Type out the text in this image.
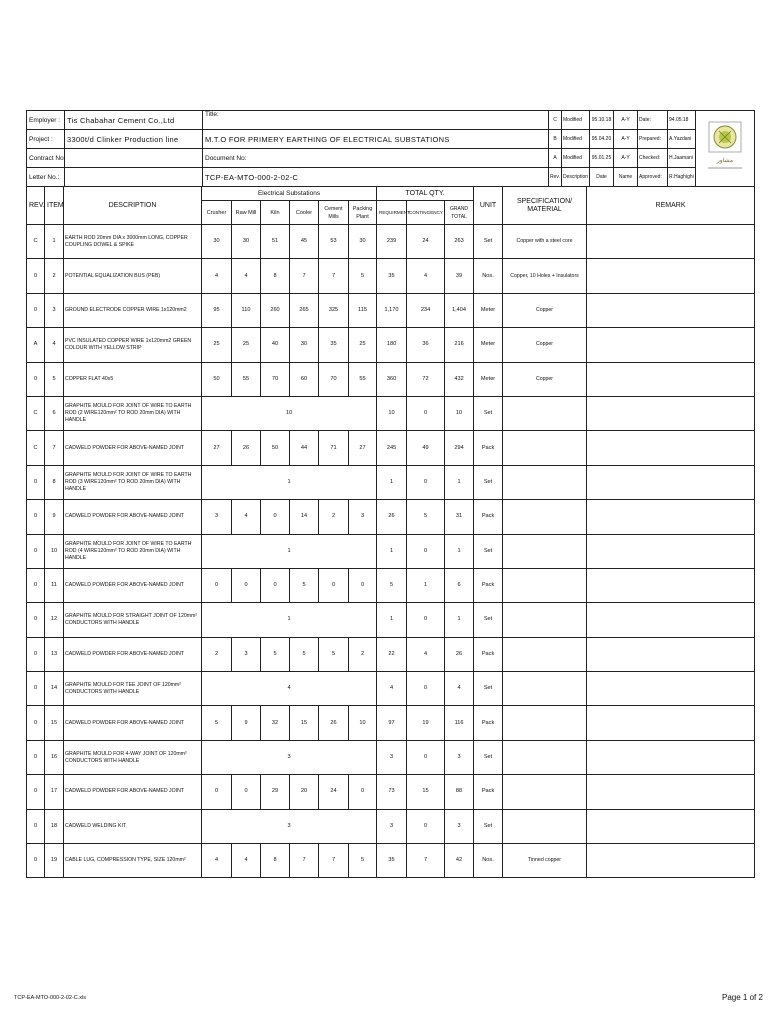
Employer :	Tis Chabahar Cement Co.,Ltd	Title:	C	Modified	95.10.18	A-Y	Date:	94.05.18	ﻣﺸﺎﻭﺭ

Project :	3300t/d Clinker Production line	M.T.O FOR PRIMERY EARTHING OF ELECTRICAL SUBSTATIONS	B	Modified	95.04.20	A-Y	Prepared:	A.Yazdani	
Contract No:		Document No:	A	Modified	95.01.25	A-Y	Checked:	H.Jaamani	
Letter No.:		TCP-EA-MTO-000-2-02-C	Rev.	Description	Date	Name	Approved:	R.Haghighi	
REV.	ITEM	DESCRIPTION	Electrical Substations						TOTAL QTY.			UNIT	SPECIFICATION/ MATERIAL	REMARK
			Crusher	Raw Mill	Kiln	Cooler	Cement Mills	Packing Plant	REQUIRMENT	CONTINGENCY	GRAND TOTAL			
C	1	EARTH ROD 20mm DIA x 3000mm LONG, COPPER COUPLING DOWEL & SPIKE	30	30	51	45	53	30	239	24	263	Set	Copper with a steel core	
0	2	POTENTIAL EQUALIZATION BUS (PEB)	4	4	8	7	7	5	35	4	39	Nos.	Copper, 10 Holes + Insulators	
0	3	GROUND ELECTRODE COPPER WIRE 1x120mm2	95	110	260	265	325	115	1,170	234	1,404	Meter	Copper	
A	4	PVC INSULATED COPPER WIRE 1x120mm2 GREEN COLOUR WITH YELLOW STRIP	25	25	40	30	35	25	180	36	216	Meter	Copper	
0	5	COPPER FLAT 40x5	50	55	70	60	70	55	360	72	432	Meter	Copper	
C	6	GRAPHITE MOULD FOR JOINT OF WIRE TO EARTH ROD (2 WIRE120mm² TO ROD 20mm DIA) WITH HANDLE	10						10	0	10	Set		
C	7	CADWELD POWDER FOR ABOVE-NAMED JOINT	27	26	50	44	71	27	245	49	294	Pack		
0	8	GRAPHITE MOULD FOR JOINT OF WIRE TO EARTH ROD (3 WIRE120mm² TO ROD 20mm DIA) WITH HANDLE	1						1	0	1	Set		
0	9	CADWELD POWDER FOR ABOVE-NAMED JOINT	3	4	0	14	2	3	26	5	31	Pack		
0	10	GRAPHITE MOULD FOR JOINT OF WIRE TO EARTH ROD (4 WIRE120mm² TO ROD 20mm DIA) WITH HANDLE	1						1	0	1	Set		
0	11	CADWELD POWDER FOR ABOVE-NAMED JOINT	0	0	0	5	0	0	5	1	6	Pack		
0	12	GRAPHITE MOULD FOR STRAIGHT JOINT OF 120mm² CONDUCTORS WITH HANDLE	1						1	0	1	Set		
0	13	CADWELD POWDER FOR ABOVE-NAMED JOINT	2	3	5	5	5	2	22	4	26	Pack		
0	14	GRAPHITE MOULD FOR TEE JOINT OF 120mm² CONDUCTORS WITH HANDLE	4						4	0	4	Set		
0	15	CADWELD POWDER FOR ABOVE-NAMED JOINT	5	9	32	15	26	10	97	19	116	Pack		
0	16	GRAPHITE MOULD FOR 4-WAY JOINT OF 120mm² CONDUCTORS WITH HANDLE	3						3	0	3	Set		
0	17	CADWELD POWDER FOR ABOVE-NAMED JOINT	0	0	29	20	24	0	73	15	88	Pack		
0	18	CADWELD WELDING KIT	3						3	0	3	Set		
0	19	CABLE LUG, COMPRESSION TYPE, SIZE 120mm²	4	4	8	7	7	5	35	7	42	Nos.	Tinned copper	
TCP-EA-MTO-000-2-02-C.xls	Page 1 of 2
